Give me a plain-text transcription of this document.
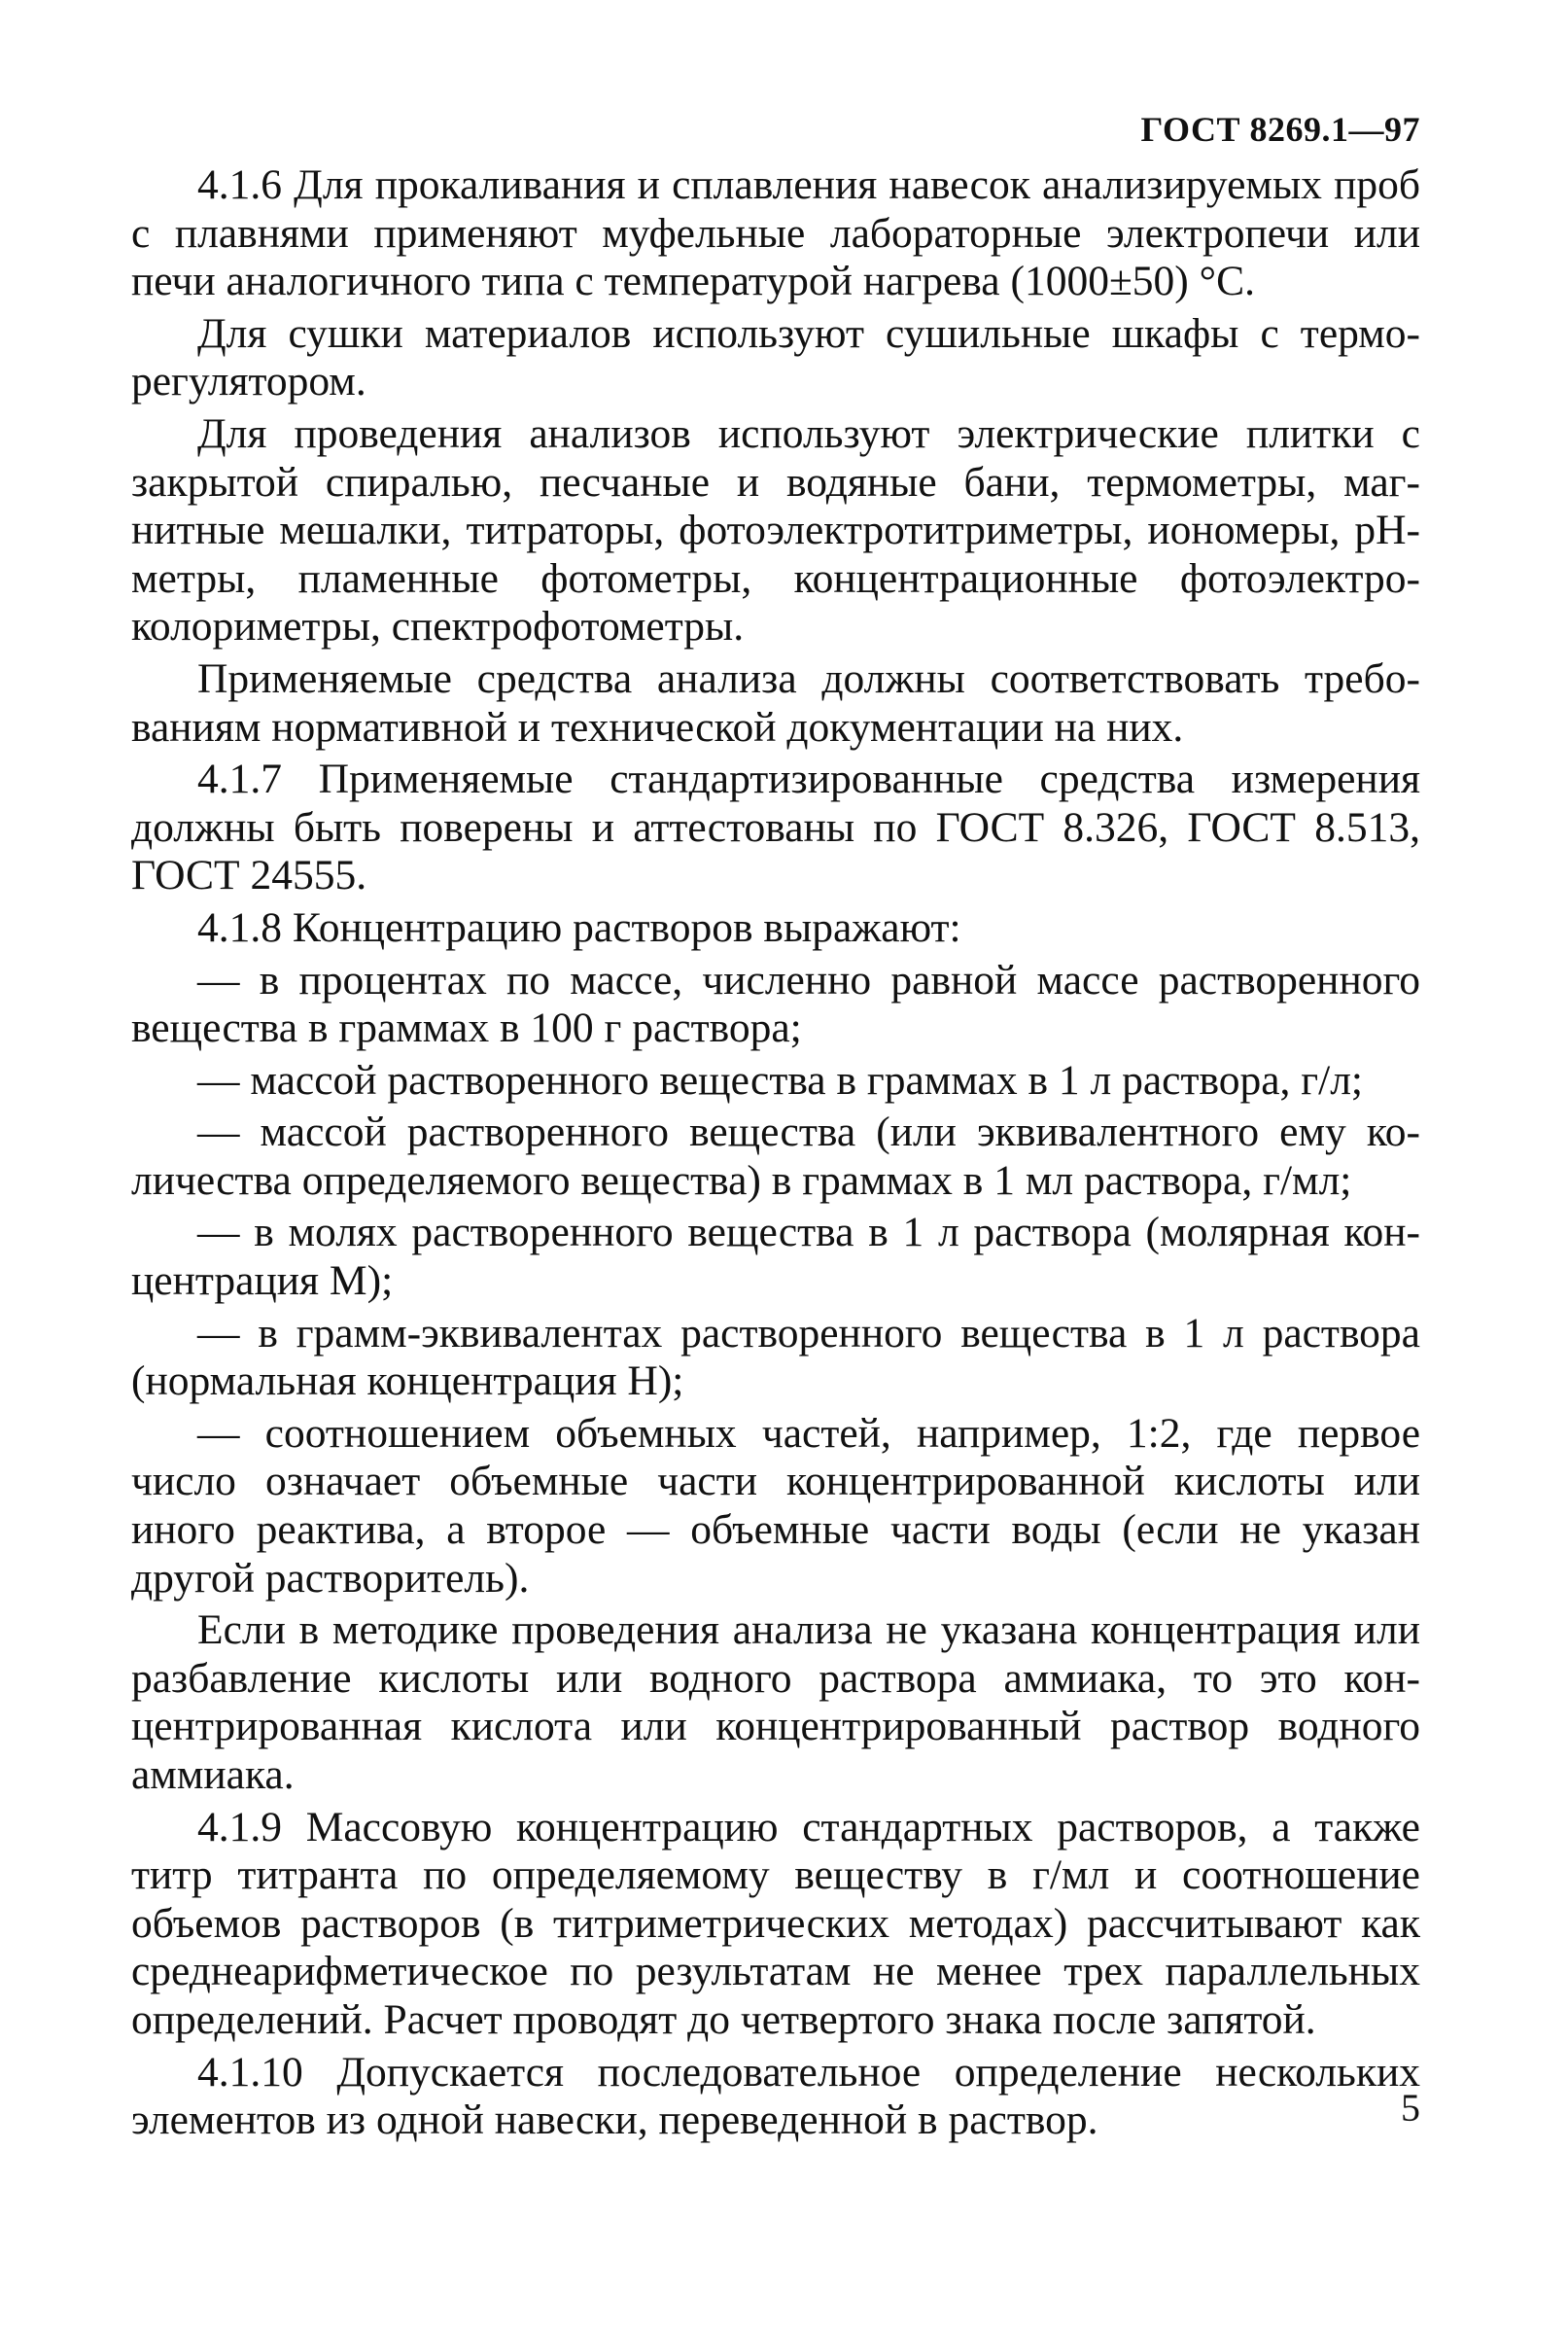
ГОСТ 8269.1—97

4.1.6 Для прокаливания и сплавления навесок анализируемых проб с плавнями применяют муфельные лабораторные электропечи или печи аналогичного типа с температурой нагрева (1000±50) °С.

Для сушки материалов используют сушильные шкафы с терморегулятором.

Для проведения анализов используют электрические плитки с закрытой спиралью, песчаные и водяные бани, термометры, магнитные мешалки, титраторы, фотоэлектротитриметры, иономеры, pH-метры, пламенные фотометры, концентрационные фотоэлектроколориметры, спектрофотометры.

Применяемые средства анализа должны соответствовать требованиям нормативной и технической документации на них.

4.1.7 Применяемые стандартизированные средства измерения должны быть поверены и аттестованы по ГОСТ 8.326, ГОСТ 8.513, ГОСТ 24555.

4.1.8 Концентрацию растворов выражают:

— в процентах по массе, численно равной массе растворенного вещества в граммах в 100 г раствора;

— массой растворенного вещества в граммах в 1 л раствора, г/л;

— массой растворенного вещества (или эквивалентного ему количества определяемого вещества) в граммах в 1 мл раствора, г/мл;

— в молях растворенного вещества в 1 л раствора (молярная концентрация М);

— в грамм-эквивалентах растворенного вещества в 1 л раствора (нормальная концентрация Н);

— соотношением объемных частей, например, 1:2, где первое число означает объемные части концентрированной кислоты или иного реактива, а второе — объемные части воды (если не указан другой растворитель).

Если в методике проведения анализа не указана концентрация или разбавление кислоты или водного раствора аммиака, то это концентрированная кислота или концентрированный раствор водного аммиака.

4.1.9 Массовую концентрацию стандартных растворов, а также титр титранта по определяемому веществу в г/мл и соотношение объемов растворов (в титриметрических методах) рассчитывают как среднеарифметическое по результатам не менее трех параллельных определений. Расчет проводят до четвертого знака после запятой.

4.1.10 Допускается последовательное определение нескольких элементов из одной навески, переведенной в раствор.	5
